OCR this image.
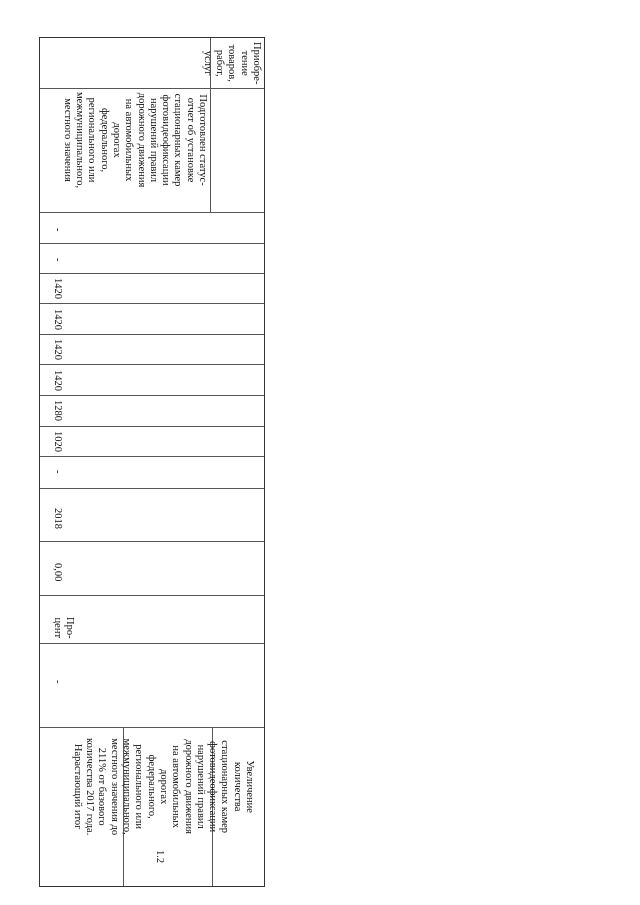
Приобре-
тение
товаров,
работ,
услуг
Подготовлен статус-
отчет об установке
стационарных камер
фотовидеофиксации
нарушений правил
дорожного движения
на автомобильных
дорогах
федерального,
регионального или
межмуниципального,
местного значения
-
-
1420
1420
1420
1420
1280
1020
-
2018
0,00
Про-
цент
-
Увеличение
количества
стационарных камер
фотовидеофиксации
нарушений правил
дорожного движения
на автомобильных
дорогах
федерального,
регионального или
межмуниципального,
местного значения до
211% от базового
количества 2017 года.
Нарастающий итог
1.2
